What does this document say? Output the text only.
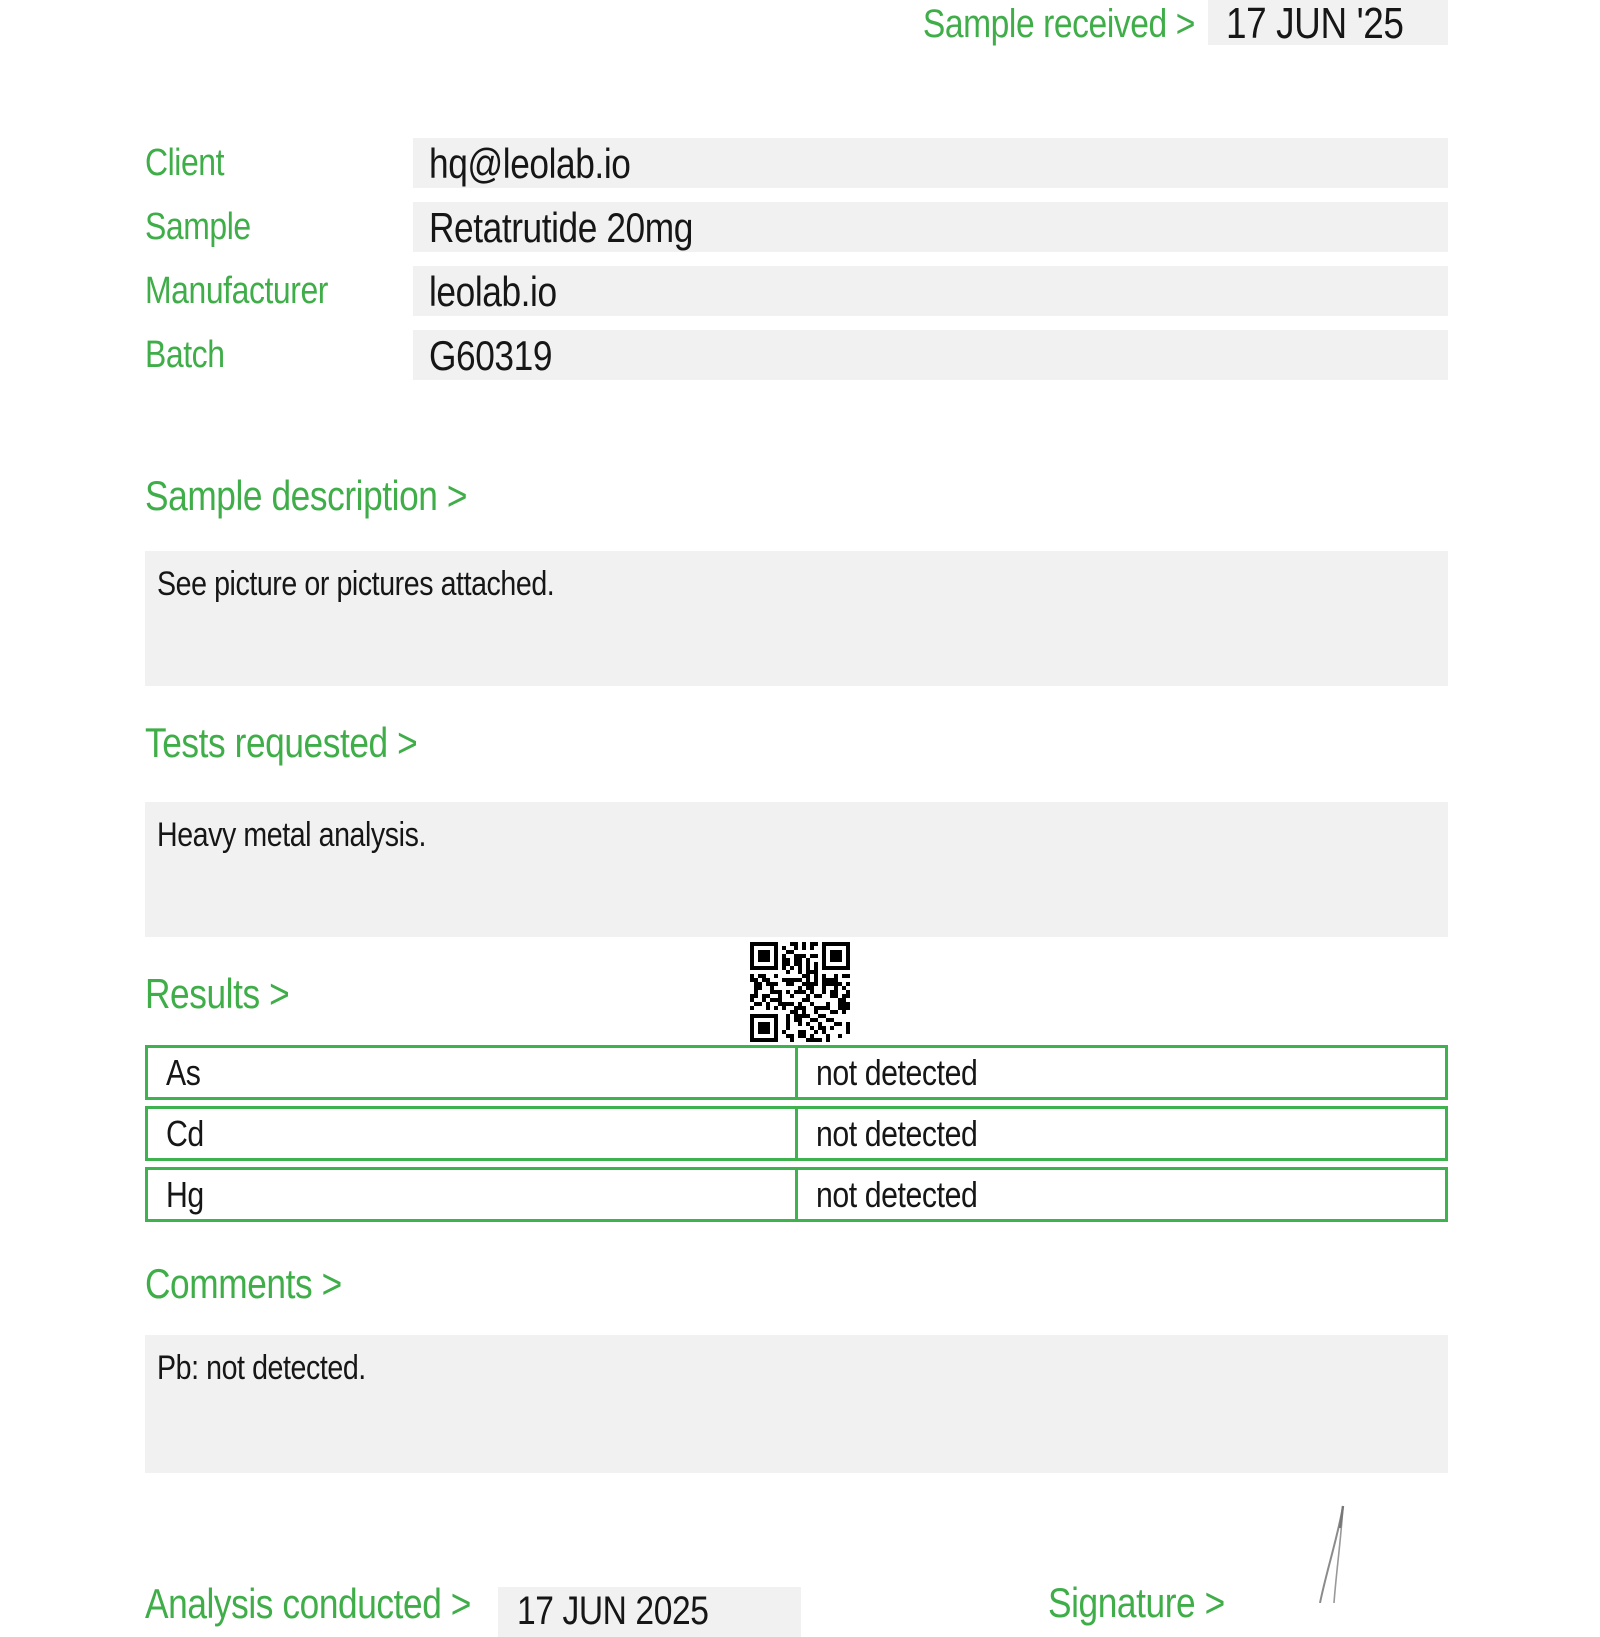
Sample received > 17 JUN '25
Client	hq@leolab.io
Sample	Retatrutide 20mg
Manufacturer	leolab.io
Batch	G60319
Sample description >
See picture or pictures attached.
Tests requested >
Heavy metal analysis.
Results >
As	not detected
Cd	not detected
Hg	not detected
Comments >
Pb: not detected.
Analysis conducted >	17 JUN 2025	Signature >
